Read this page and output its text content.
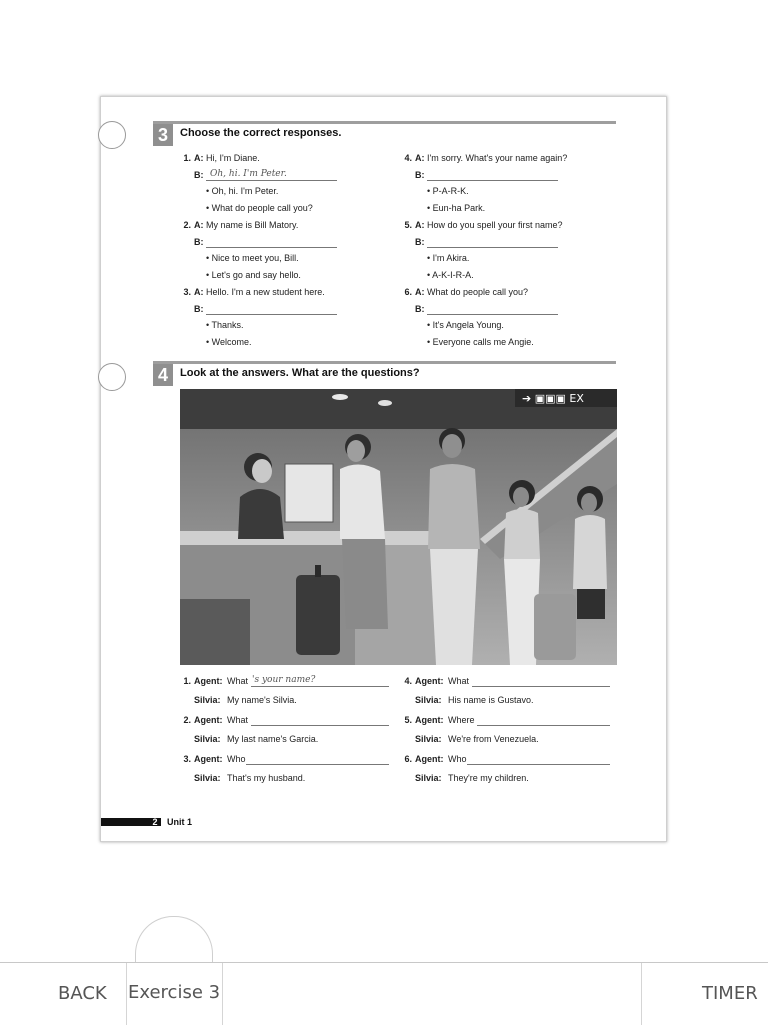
3	Choose the correct responses.
1. A: Hi, I'm Diane.
B: Oh, hi. I'm Peter.
• Oh, hi. I'm Peter.
• What do people call you?
2. A: My name is Bill Matory.
B:
• Nice to meet you, Bill.
• Let's go and say hello.
3. A: Hello. I'm a new student here.
B:
• Thanks.
• Welcome.
4. A: I'm sorry. What's your name again?
B:
• P-A-R-K.
• Eun-ha Park.
5. A: How do you spell your first name?
B:
• I'm Akira.
• A-K-I-R-A.
6. A: What do people call you?
B:
• It's Angela Young.
• Everyone calls me Angie.
4	Look at the answers. What are the questions?
➔ ▣▣▣ EX
1. Agent: What 's your name?
Silvia: My name's Silvia.
2. Agent: What
Silvia: My last name's Garcia.
3. Agent: Who
Silvia: That's my husband.
4. Agent: What
Silvia: His name is Gustavo.
5. Agent: Where
Silvia: We're from Venezuela.
6. Agent: Who
Silvia: They're my children.
2	Unit 1
BACK	Exercise 3	TIMER
